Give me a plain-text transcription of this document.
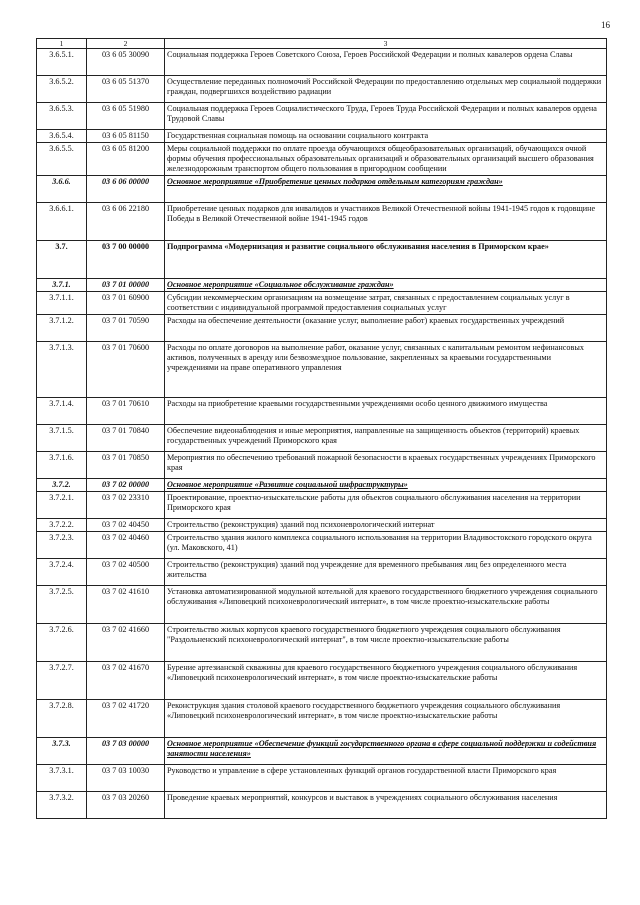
16
1	2	3
3.6.5.1.	03 6 05 30090	Социальная поддержка Героев Советского Союза, Героев Российской Федерации и полных кавалеров ордена Славы
3.6.5.2.	03 6 05 51370	Осуществление переданных полномочий Российской Федерации по предоставлению отдельных мер социальной поддержки граждан, подвергшихся воздействию радиации
3.6.5.3.	03 6 05 51980	Социальная поддержка Героев Социалистического Труда, Героев Труда Российской Федерации и полных кавалеров ордена Трудовой Славы
3.6.5.4.	03 6 05 81150	Государственная социальная помощь на основании социального контракта
3.6.5.5.	03 6 05 81200	Меры социальной поддержки по оплате проезда обучающихся общеобразовательных организаций, обучающихся очной формы обучения профессиональных образовательных организаций и образовательных организаций высшего образования железнодорожным транспортом общего пользования в пригородном сообщении
3.6.6.	03 6 06 00000	Основное мероприятие «Приобретение ценных подарков отдельным категориям граждан»
3.6.6.1.	03 6 06 22180	Приобретение ценных подарков для инвалидов и участников Великой Отечественной войны 1941-1945 годов к годовщине Победы в Великой Отечественной войне 1941-1945 годов
3.7.	03 7 00 00000	Подпрограмма «Модернизация и развитие социального обслуживания населения в Приморском крае»
3.7.1.	03 7 01 00000	Основное мероприятие «Социальное обслуживание граждан»
3.7.1.1.	03 7 01 60900	Субсидии некоммерческим организациям на возмещение затрат, связанных с предоставлением социальных услуг в соответствии с индивидуальной программой предоставления социальных услуг
3.7.1.2.	03 7 01 70590	Расходы на обеспечение деятельности (оказание услуг, выполнение работ) краевых государственных учреждений
3.7.1.3.	03 7 01 70600	Расходы по оплате договоров на выполнение работ, оказание услуг, связанных с капитальным ремонтом нефинансовых активов, полученных в аренду или безвозмездное пользование, закрепленных за краевыми государственными учреждениями на праве оперативного управления
3.7.1.4.	03 7 01 70610	Расходы на приобретение краевыми государственными учреждениями особо ценного движимого имущества
3.7.1.5.	03 7 01 70840	Обеспечение видеонаблюдения и иные мероприятия, направленные на защищенность объектов (территорий) краевых государственных учреждений Приморского края
3.7.1.6.	03 7 01 70850	Мероприятия по обеспечению требований пожарной безопасности в краевых государственных учреждениях Приморского края
3.7.2.	03 7 02 00000	Основное мероприятие «Развитие социальной инфраструктуры»
3.7.2.1.	03 7 02 23310	Проектирование, проектно-изыскательские работы для объектов социального обслуживания населения на территории Приморского края
3.7.2.2.	03 7 02 40450	Строительство (реконструкция) зданий под психоневрологический интернат
3.7.2.3.	03 7 02 40460	Строительство здания жилого комплекса социального использования на территории Владивостокского городского округа (ул. Маковского, 41)
3.7.2.4.	03 7 02 40500	Строительство (реконструкция) зданий под учреждение для временного пребывания лиц без определенного места жительства
3.7.2.5.	03 7 02 41610	Установка автоматизированной модульной котельной для краевого государственного бюджетного учреждения социального обслуживания «Липовецкий психоневрологический интернат», в том числе проектно-изыскательские работы
3.7.2.6.	03 7 02 41660	Строительство жилых корпусов краевого государственного бюджетного учреждения социального обслуживания "Раздольненский психоневрологический интернат", в том числе проектно-изыскательские работы
3.7.2.7.	03 7 02 41670	Бурение артезианской скважины для краевого государственного бюджетного учреждения социального обслуживания «Липовецкий психоневрологический интернат», в том числе проектно-изыскательские работы
3.7.2.8.	03 7 02 41720	Реконструкция здания столовой краевого государственного бюджетного учреждения социального обслуживания «Липовецкий психоневрологический интернат», в том числе проектно-изыскательские работы
3.7.3.	03 7 03 00000	Основное мероприятие «Обеспечение функций государственного органа в сфере социальной поддержки и содействия занятости населения»
3.7.3.1.	03 7 03 10030	Руководство и управление в сфере установленных функций органов государственной власти Приморского края
3.7.3.2.	03 7 03 20260	Проведение краевых мероприятий, конкурсов и выставок в учреждениях социального обслуживания населения
